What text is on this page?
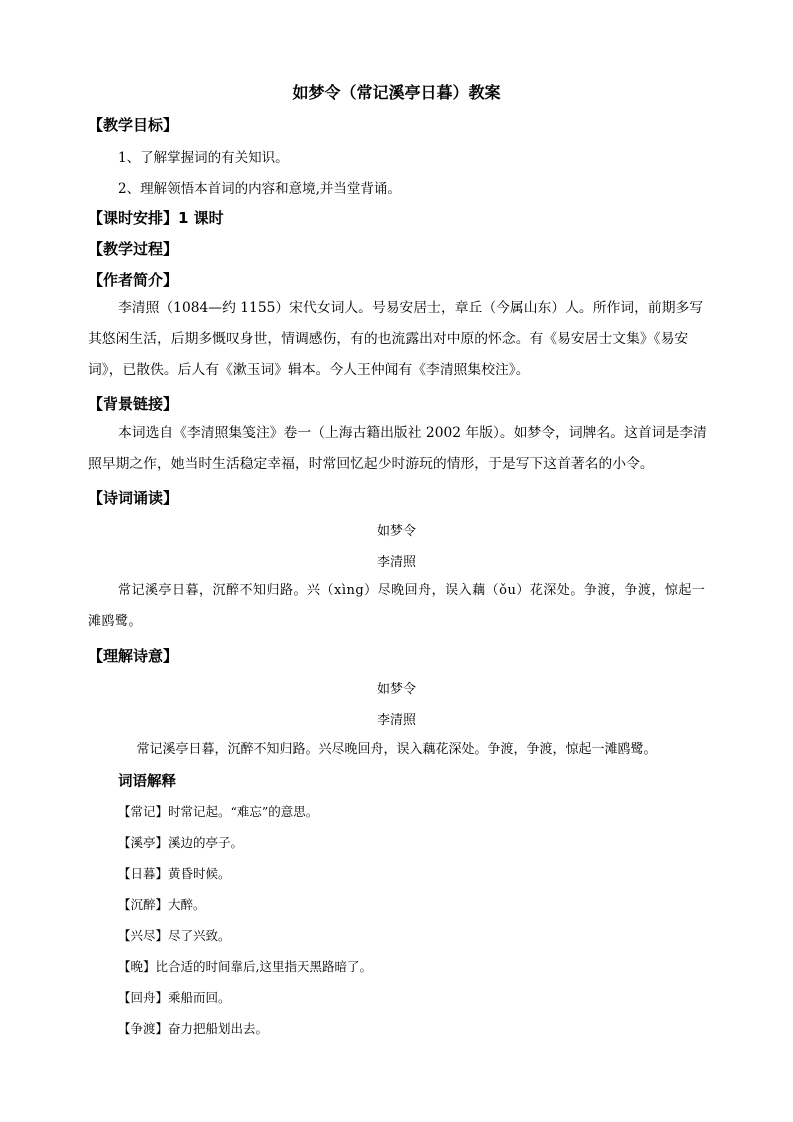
如梦令（常记溪亭日暮）教案
【教学目标】
1、了解掌握词的有关知识。
2、理解领悟本首词的内容和意境,并当堂背诵。
【课时安排】1 课时
【教学过程】
【作者简介】
李清照（1084—约 1155）宋代女词人。号易安居士，章丘（今属山东）人。所作词，前期多写其悠闲生活，后期多慨叹身世，情调感伤，有的也流露出对中原的怀念。有《易安居士文集》《易安词》，已散佚。后人有《漱玉词》辑本。今人王仲闻有《李清照集校注》。
【背景链接】
本词选自《李清照集笺注》卷一（上海古籍出版社 2002 年版）。如梦令，词牌名。这首词是李清照早期之作，她当时生活稳定幸福，时常回忆起少时游玩的情形，于是写下这首著名的小令。
【诗词诵读】
如梦令
李清照
常记溪亭日暮，沉醉不知归路。兴（xìng）尽晚回舟，误入藕（ǒu）花深处。争渡，争渡，惊起一滩鸥鹭。
【理解诗意】
如梦令
李清照
常记溪亭日暮，沉醉不知归路。兴尽晚回舟，误入藕花深处。争渡，争渡，惊起一滩鸥鹭。
词语解释
【常记】时常记起。“难忘”的意思。
【溪亭】溪边的亭子。
【日暮】黄昏时候。
【沉醉】大醉。
【兴尽】尽了兴致。
【晚】比合适的时间靠后,这里指天黑路暗了。
【回舟】乘船而回。
【争渡】奋力把船划出去。
